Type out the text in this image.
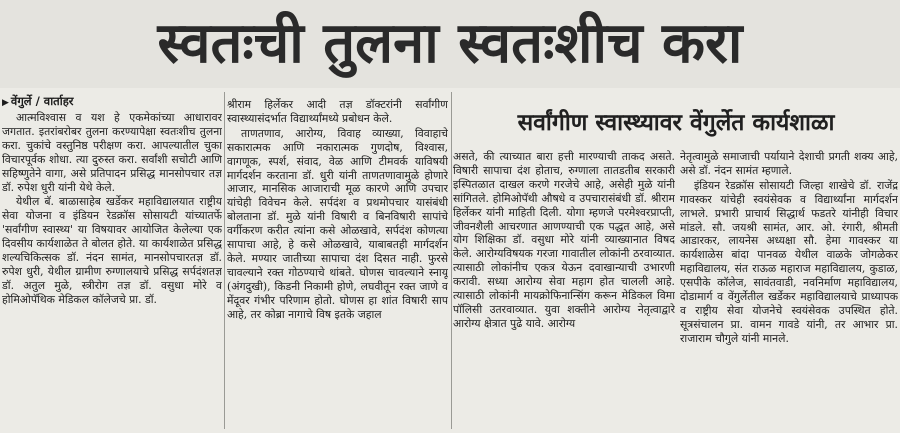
स्वतःची तुलना स्वतःशीच करा
▶ वेंगुर्ले / वार्ताहर

आत्मविश्वास व यश हे एकमेकांच्या आधारावर जगतात. इतरांबरोबर तुलना करण्यापेक्षा स्वतःशीच तुलना करा. चुकांचे वस्तुनिष्ठ परीक्षण करा. आपल्यातील चुका विचारपूर्वक शोधा. त्या दुरुस्त करा. सर्वांशी सचोटी आणि सहिष्णुतेने वागा, असे प्रतिपादन प्रसिद्ध मानसोपचार तज्ञ डॉ. रुपेश धुरी यांनी येथे केले.

येथील बॅ. बाळासाहेब खर्डेकर महाविद्यालयात राष्ट्रीय सेवा योजना व इंडियन रेडक्रॉस सोसायटी यांच्यातर्फे 'सर्वांगीण स्वास्थ्य' या विषयावर आयोजित केलेल्या एक दिवसीय कार्यशाळेत ते बोलत होते. या कार्यशाळेत प्रसिद्ध शल्यचिकित्सक डॉ. नंदन सामंत, मानसोपचारतज्ञ डॉ. रुपेश धुरी, येथील ग्रामीण रुग्णालयाचे प्रसिद्ध सर्पदंशतज्ञ डॉ. अतुल मुळे, स्त्रीरोग तज्ञ डॉ. वसुधा मोरे व होमिओपॅथिक मेडिकल कॉलेजचे प्रा. डॉ.

श्रीराम हिर्लेकर आदी तज्ञ डॉक्टरांनी सर्वांगीण स्वास्थ्यासंदर्भात विद्यार्थ्यांमध्ये प्रबोधन केले.

ताणतणाव, आरोग्य, विवाह व्याख्या, विवाहाचे सकारात्मक आणि नकारात्मक गुणदोष, विश्वास, वागणूक, स्पर्श, संवाद, वेळ आणि टीमवर्क याविषयी मार्गदर्शन करताना डॉ. धुरी यांनी ताणतणावामुळे होणारे आजार, मानसिक आजाराची मूळ कारणे आणि उपचार यांचेही विवेचन केले. सर्पदंश व प्रथमोपचार यासंबंधी बोलताना डॉ. मुळे यांनी विषारी व बिनविषारी सापांचे वर्गीकरण करीत त्यांना कसे ओळखावे, सर्पदंश कोणत्या सापाचा आहे, हे कसे ओळखावे, याबाबतही मार्गदर्शन केले. मण्यार जातीच्या सापाचा दंश दिसत नाही. फुरसे चावल्याने रक्त गोठण्याचे थांबते. घोणस चावल्याने स्नायू (अंगदुखी), किडनी निकामी होणे, लघवीतून रक्त जाणे व मेंदूवर गंभीर परिणाम होतो. घोणस हा शांत विषारी साप आहे, तर कोब्रा नागाचे विष इतके जहाल

सर्वांगीण स्वास्थ्यावर वेंगुर्लेत कार्यशाळा

असते, की त्याच्यात बारा हत्ती मारण्याची ताकद असते. विषारी सापाचा दंश होताच, रुग्णाला तातडतीब सरकारी इस्पितळात दाखल करणे गरजेचे आहे, असेही मुळे यांनी सांगितले. होमिओपॅथी औषधे व उपचारासंबंधी डॉ. श्रीराम हिर्लेकर यांनी माहिती दिली. योगा म्हणजे परमेश्वरप्राप्ती, जीवनशैली आचरणात आणण्याची एक पद्धत आहे, असे योग शिक्षिका डॉ. वसुधा मोरे यांनी व्याख्यानात विषद केले. आरोग्यविषयक गरजा गावातील लोकांनी ठरवाव्यात. त्यासाठी लोकांनीच एकत्र येऊन दवाखान्याची उभारणी करावी. सध्या आरोग्य सेवा महाग होत चालली आहे. त्यासाठी लोकांनी मायक्रोफिनान्सिंग करून मेडिकल विमा पॉलिसी उतरवाव्यात. युवा शक्तीने आरोग्य नेतृत्वाद्वारे आरोग्य क्षेत्रात पुढे यावे. आरोग्य

नेतृत्वामुळे समाजाची पर्यायाने देशाची प्रगती शक्य आहे, असे डॉ. नंदन सामंत म्हणाले.

इंडियन रेडक्रॉस सोसायटी जिल्हा शाखेचे डॉ. राजेंद्र गावस्कर यांचेही स्वयंसेवक व विद्यार्थ्यांना मार्गदर्शन लाभले. प्रभारी प्राचार्य सिद्धार्थ फडतरे यांनीही विचार मांडले. सौ. जयश्री सामंत, आर. ओ. रंगारी, श्रीमती आडारकर, लायनेस अध्यक्षा सौ. हेमा गावस्कर या कार्यशाळेस बांदा पानवळ येथील वाळके जोगळेकर महाविद्यालय, संत राऊळ महाराज महाविद्यालय, कुडाळ, एसपीके कॉलेज, सावंतवाडी, नवनिर्माण महाविद्यालय, दोडामार्ग व वेंगुर्लेतील खर्डेकर महाविद्यालयाचे प्राध्यापक व राष्ट्रीय सेवा योजनेचे स्वयंसेवक उपस्थित होते. सूत्रसंचालन प्रा. वामन गावडे यांनी, तर आभार प्रा. राजाराम चौगुले यांनी मानले.
